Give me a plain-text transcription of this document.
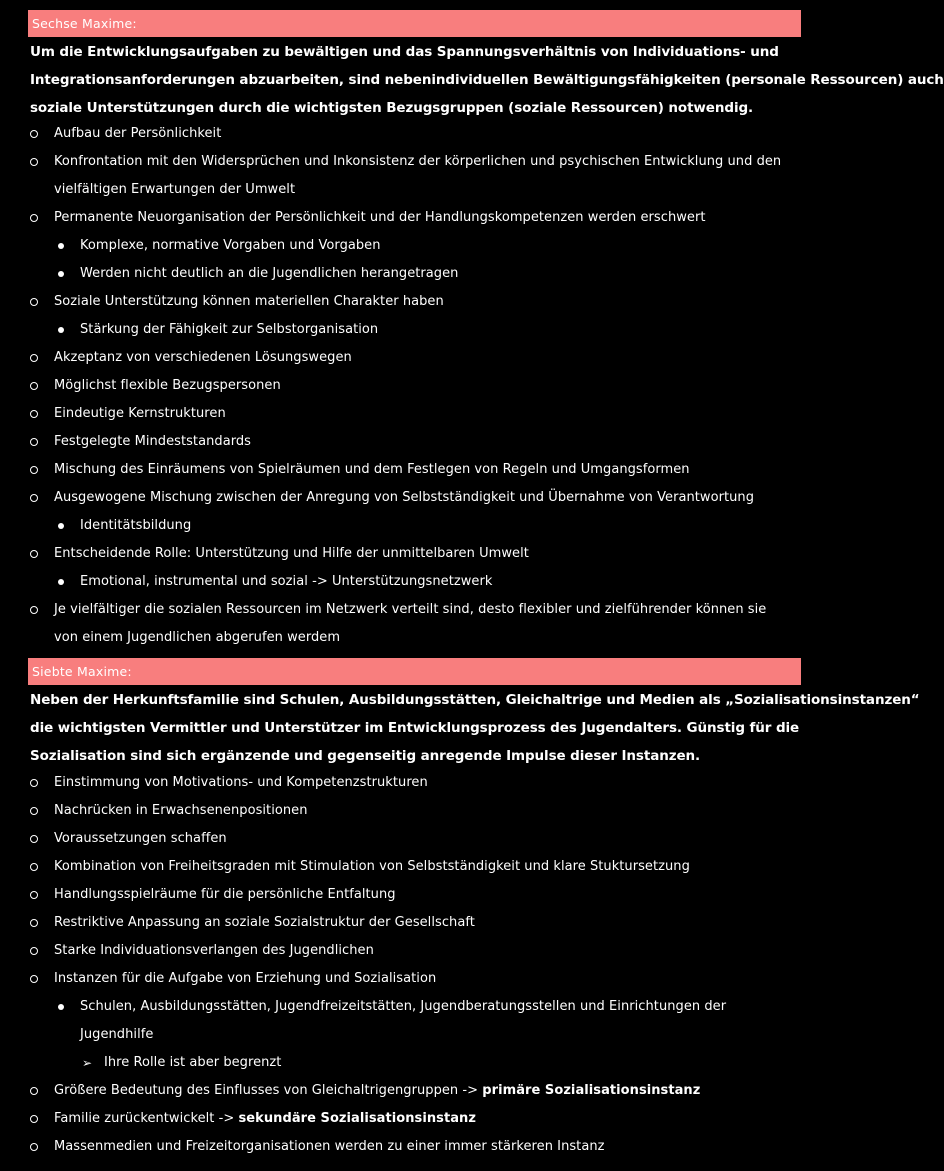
Sechse Maxime:
Um die Entwicklungsaufgaben zu bewältigen und das Spannungsverhältnis von Individuations- und
Integrationsanforderungen abzuarbeiten, sind nebenindividuellen Bewältigungsfähigkeiten (personale Ressourcen) auch
soziale Unterstützungen durch die wichtigsten Bezugsgruppen (soziale Ressourcen) notwendig.
Aufbau der Persönlichkeit
Konfrontation mit den Widersprüchen und Inkonsistenz der körperlichen und psychischen Entwicklung und den
vielfältigen Erwartungen der Umwelt
Permanente Neuorganisation der Persönlichkeit und der Handlungskompetenzen werden erschwert
Komplexe, normative Vorgaben und Vorgaben
Werden nicht deutlich an die Jugendlichen herangetragen
Soziale Unterstützung können materiellen Charakter haben
Stärkung der Fähigkeit zur Selbstorganisation
Akzeptanz von verschiedenen Lösungswegen
Möglichst flexible Bezugspersonen
Eindeutige Kernstrukturen
Festgelegte Mindeststandards
Mischung des Einräumens von Spielräumen und dem Festlegen von Regeln und Umgangsformen
Ausgewogene Mischung zwischen der Anregung von Selbstständigkeit und Übernahme von Verantwortung
Identitätsbildung
Entscheidende Rolle: Unterstützung und Hilfe der unmittelbaren Umwelt
Emotional, instrumental und sozial -> Unterstützungsnetzwerk
Je vielfältiger die sozialen Ressourcen im Netzwerk verteilt sind, desto flexibler und zielführender können sie
von einem Jugendlichen abgerufen werdem
Siebte Maxime:
Neben der Herkunftsfamilie sind Schulen, Ausbildungsstätten, Gleichaltrige und Medien als „Sozialisationsinstanzen“
die wichtigsten Vermittler und Unterstützer im Entwicklungsprozess des Jugendalters. Günstig für die
Sozialisation sind sich ergänzende und gegenseitig anregende Impulse dieser Instanzen.
Einstimmung von Motivations- und Kompetenzstrukturen
Nachrücken in Erwachsenenpositionen
Voraussetzungen schaffen
Kombination von Freiheitsgraden mit Stimulation von Selbstständigkeit und klare Stuktursetzung
Handlungsspielräume für die persönliche Entfaltung
Restriktive Anpassung an soziale Sozialstruktur der Gesellschaft
Starke Individuationsverlangen des Jugendlichen
Instanzen für die Aufgabe von Erziehung und Sozialisation
Schulen, Ausbildungsstätten, Jugendfreizeitstätten, Jugendberatungsstellen und Einrichtungen der
Jugendhilfe
➢ Ihre Rolle ist aber begrenzt
Größere Bedeutung des Einflusses von Gleichaltrigengruppen -> primäre Sozialisationsinstanz
Familie zurückentwickelt -> sekundäre Sozialisationsinstanz
Massenmedien und Freizeitorganisationen werden zu einer immer stärkeren Instanz
